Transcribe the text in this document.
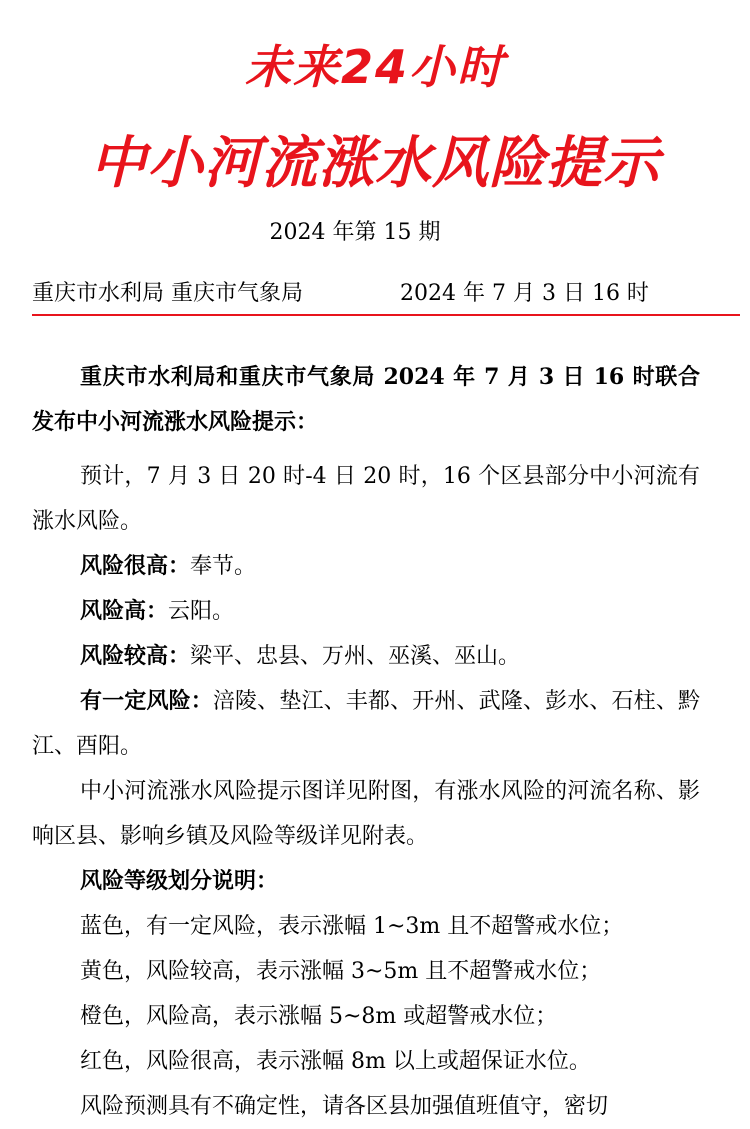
未来24小时
中小河流涨水风险提示
2024 年第 15 期
重庆市水利局 重庆市气象局	2024 年 7 月 3 日 16 时

重庆市水利局和重庆市气象局 2024 年 7 月 3 日 16 时联合发布中小河流涨水风险提示：

预计，7 月 3 日 20 时-4 日 20 时，16 个区县部分中小河流有涨水风险。

风险很高：奉节。

风险高：云阳。

风险较高：梁平、忠县、万州、巫溪、巫山。

有一定风险：涪陵、垫江、丰都、开州、武隆、彭水、石柱、黔江、酉阳。

中小河流涨水风险提示图详见附图，有涨水风险的河流名称、影响区县、影响乡镇及风险等级详见附表。

风险等级划分说明：

蓝色，有一定风险，表示涨幅 1~3m 且不超警戒水位；

黄色，风险较高，表示涨幅 3~5m 且不超警戒水位；

橙色，风险高，表示涨幅 5~8m 或超警戒水位；

红色，风险很高，表示涨幅 8m 以上或超保证水位。

风险预测具有不确定性，请各区县加强值班值守，密切
